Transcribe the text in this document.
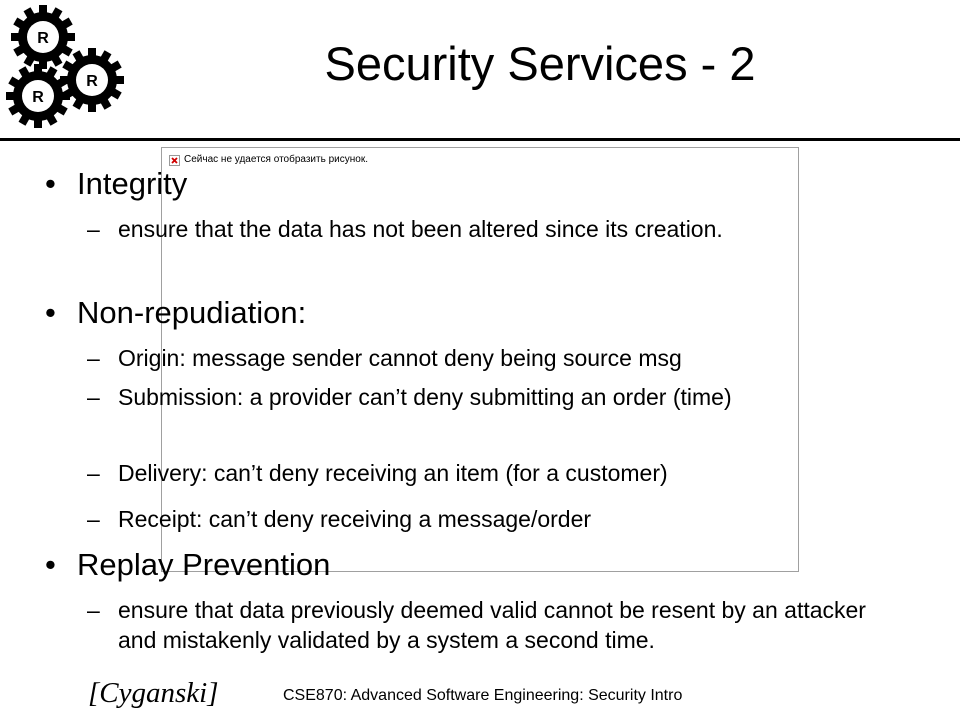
R
R
R
Security Services - 2
Сейчас не удается отобразить рисунок.
• Integrity
– ensure that the data has not been altered since its creation.
• Non-repudiation:
– Origin: message sender cannot deny being source msg
– Submission: a provider can’t deny submitting an order (time)
– Delivery: can’t deny receiving an item (for a customer)
– Receipt: can’t deny receiving a message/order
• Replay Prevention
– ensure that data previously deemed valid cannot be resent by an attacker and mistakenly validated by a system a second time.
[Cyganski]	CSE870: Advanced Software Engineering: Security Intro
